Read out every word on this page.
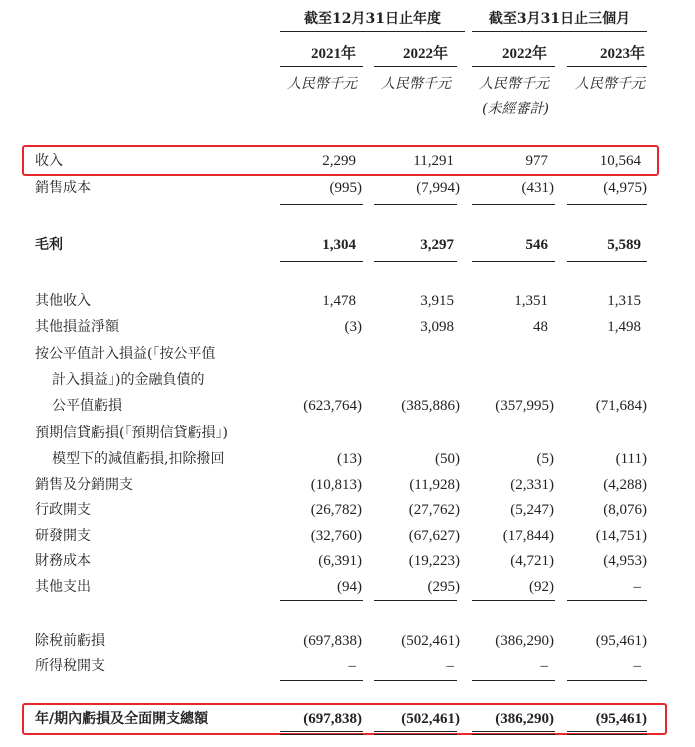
截至12月31日止年度	截至3月31日止三個月
2021年	2022年	2022年	2023年
人民幣千元	人民幣千元	人民幣千元	人民幣千元
(未經審計)
收入	2,299	11,291	977	10,564
銷售成本	(995)	(7,994)	(431)	(4,975)
毛利	1,304	3,297	546	5,589
其他收入	1,478	3,915	1,351	1,315
其他損益淨額	(3)	3,098	48	1,498
按公平值計入損益(「按公平值
計入損益」)的金融負債的
公平值虧損	(623,764)	(385,886)	(357,995)	(71,684)
預期信貸虧損(「預期信貸虧損」)
模型下的減值虧損,扣除撥回	(13)	(50)	(5)	(111)
銷售及分銷開支	(10,813)	(11,928)	(2,331)	(4,288)
行政開支	(26,782)	(27,762)	(5,247)	(8,076)
研發開支	(32,760)	(67,627)	(17,844)	(14,751)
財務成本	(6,391)	(19,223)	(4,721)	(4,953)
其他支出	(94)	(295)	(92)	–
除稅前虧損	(697,838)	(502,461)	(386,290)	(95,461)
所得稅開支	–	–	–	–
年/期內虧損及全面開支總額	(697,838)	(502,461)	(386,290)	(95,461)
